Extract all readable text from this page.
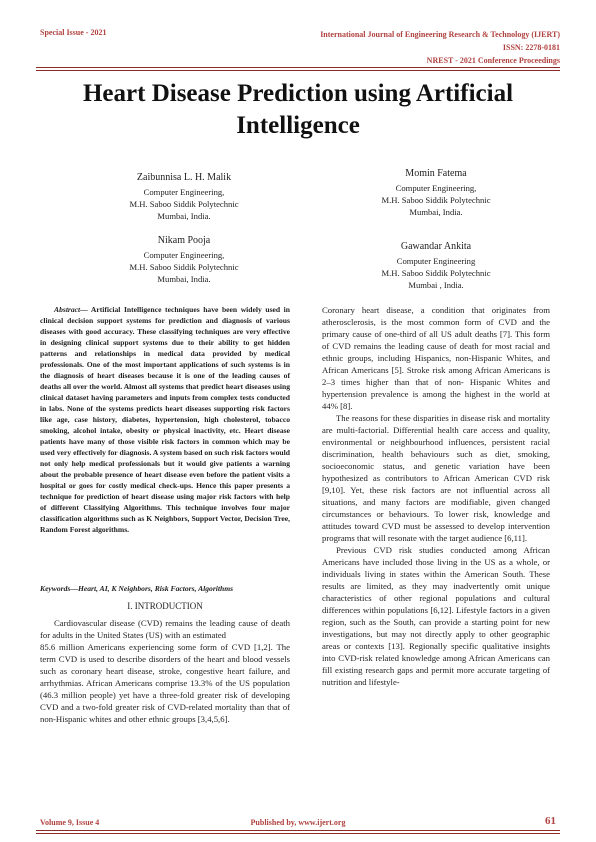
Special Issue - 2021	International Journal of Engineering Research & Technology (IJERT)
ISSN: 2278-0181
NREST - 2021 Conference Proceedings
Heart Disease Prediction using Artificial Intelligence
Zaibunnisa L. H. Malik
Computer Engineering,
M.H. Saboo Siddik Polytechnic
Mumbai, India.
Nikam Pooja
Computer Engineering,
M.H. Saboo Siddik Polytechnic
Mumbai, India.
Momin Fatema
Computer Engineering,
M.H. Saboo Siddik Polytechnic
Mumbai, India.
Gawandar Ankita
Computer Engineering
M.H. Saboo Siddik Polytechnic
Mumbai , India.
Abstract— Artificial Intelligence techniques have been widely used in clinical decision support systems for prediction and diagnosis of various diseases with good accuracy. These classifying techniques are very effective in designing clinical support systems due to their ability to get hidden patterns and relationships in medical data provided by medical professionals. One of the most important applications of such systems is in the diagnosis of heart diseases because it is one of the leading causes of deaths all over the world. Almost all systems that predict heart diseases using clinical dataset having parameters and inputs from complex tests conducted in labs. None of the systems predicts heart diseases supporting risk factors like age, case history, diabetes, hypertension, high cholesterol, tobacco smoking, alcohol intake, obesity or physical inactivity, etc. Heart disease patients have many of those visible risk factors in common which may be used very effectively for diagnosis. A system based on such risk factors would not only help medical professionals but it would give patients a warning about the probable presence of heart disease even before the patient visits a hospital or goes for costly medical check-ups. Hence this paper presents a technique for prediction of heart disease using major risk factors with help of different Classifying Algorithms. This technique involves four major classification algorithms such as K Neighbors, Support Vector, Decision Tree, Random Forest algorithms.
Keywords—Heart, AI, K Neighbors, Risk Factors, Algorithms
I. INTRODUCTION

Cardiovascular disease (CVD) remains the leading cause of death for adults in the United States (US) with an estimated

85.6 million Americans experiencing some form of CVD [1,2]. The term CVD is used to describe disorders of the heart and blood vessels such as coronary heart disease, stroke, congestive heart failure, and arrhythmias. African Americans comprise 13.3% of the US population (46.3 million people) yet have a three-fold greater risk of developing CVD and a two-fold greater risk of CVD-related mortality than that of non-Hispanic whites and other ethnic groups [3,4,5,6].

Coronary heart disease, a condition that originates from atherosclerosis, is the most common form of CVD and the primary cause of one-third of all US adult deaths [7]. This form of CVD remains the leading cause of death for most racial and ethnic groups, including Hispanics, non-Hispanic Whites, and African Americans [5]. Stroke risk among African Americans is 2–3 times higher than that of non- Hispanic Whites and hypertension prevalence is among the highest in the world at 44% [8].

The reasons for these disparities in disease risk and mortality are multi-factorial. Differential health care access and quality, environmental or neighbourhood influences, persistent racial discrimination, health behaviours such as diet, smoking, socioeconomic status, and genetic variation have been hypothesized as contributors to African American CVD risk [9,10]. Yet, these risk factors are not influential across all situations, and many factors are modifiable, given changed circumstances or behaviours. To lower risk, knowledge and attitudes toward CVD must be assessed to develop intervention programs that will resonate with the target audience [6,11].

Previous CVD risk studies conducted among African Americans have included those living in the US as a whole, or individuals living in states within the American South. These results are limited, as they may inadvertently omit unique characteristics of other regional populations and cultural differences within populations [6,12]. Lifestyle factors in a given region, such as the South, can provide a starting point for new investigations, but may not directly apply to other geographic areas or contexts [13]. Regionally specific qualitative insights into CVD-risk related knowledge among African Americans can fill existing research gaps and permit more accurate targeting of nutrition and lifestyle-

Volume 9, Issue 4	Published by, www.ijert.org	61
